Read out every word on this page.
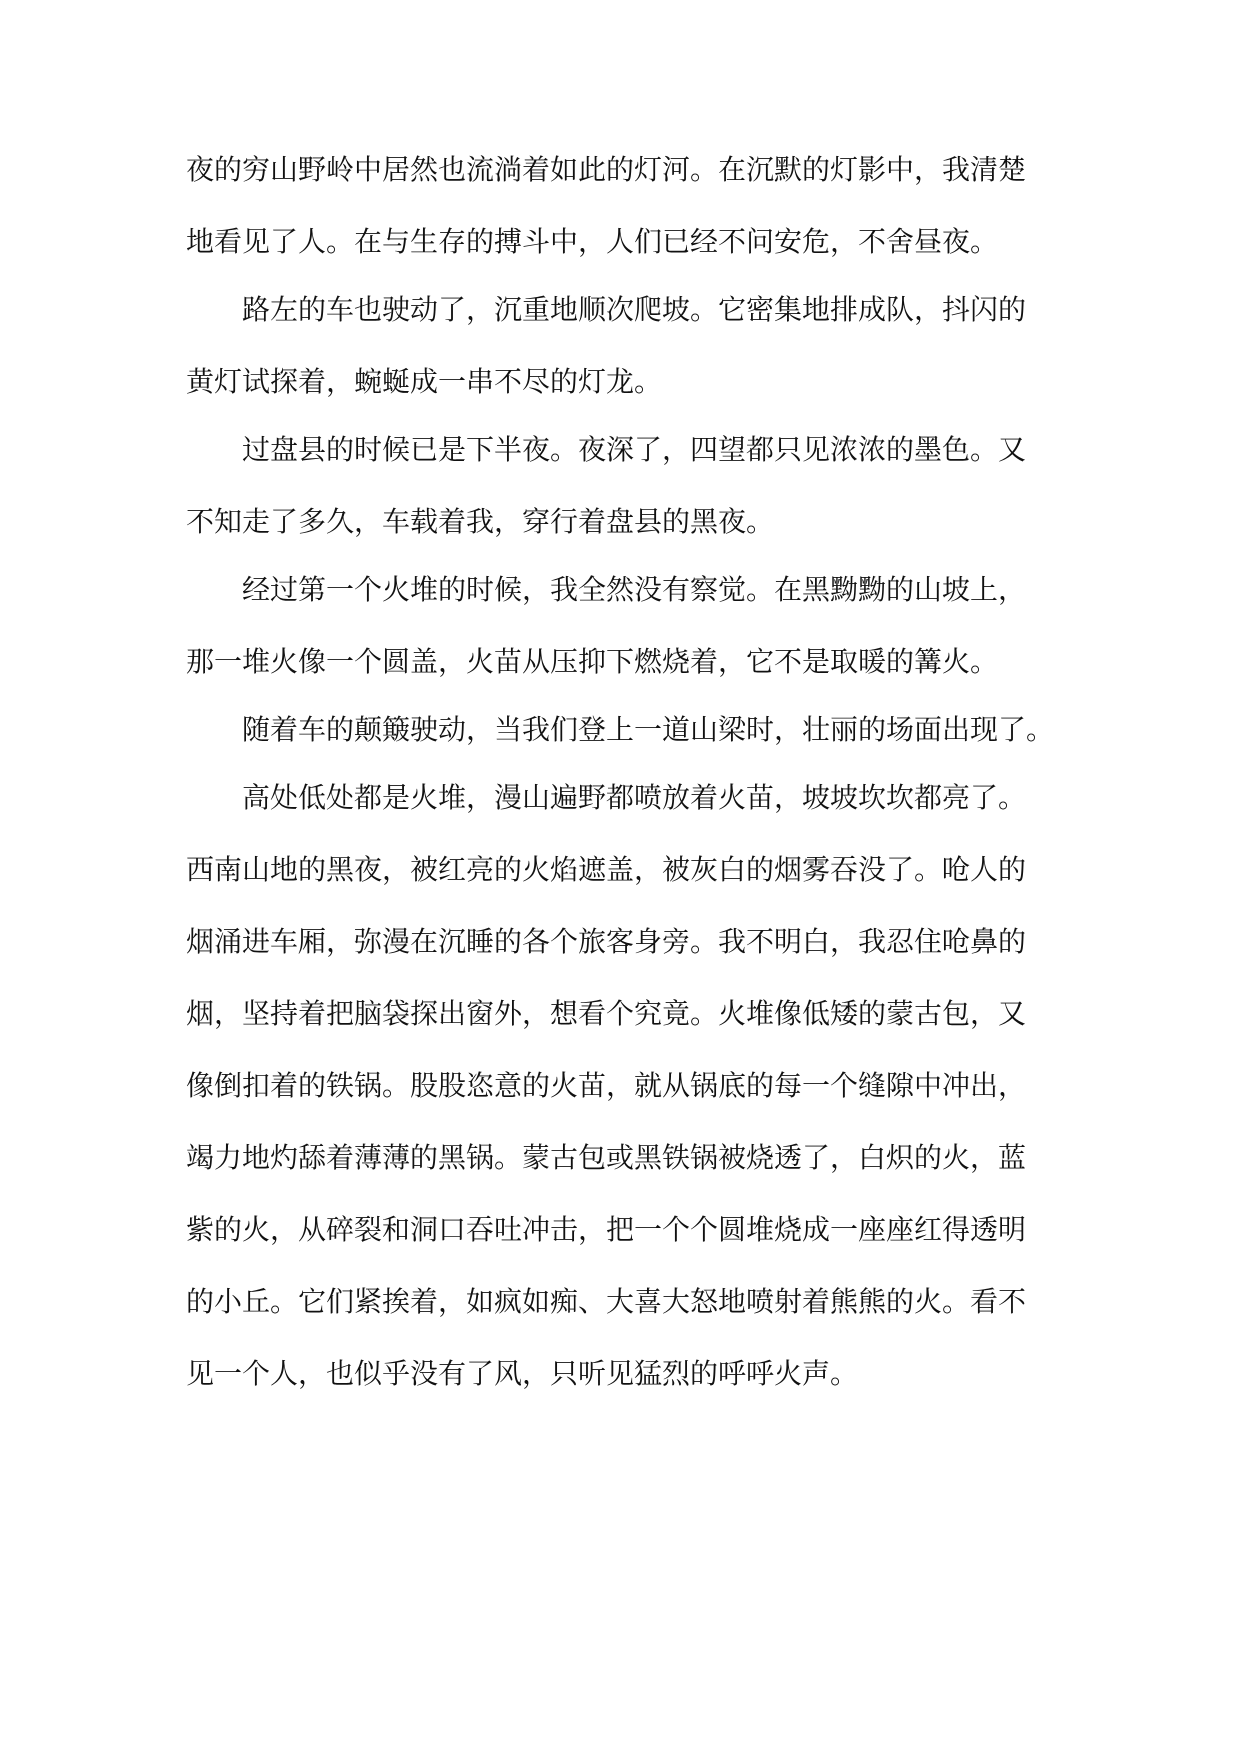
夜的穷山野岭中居然也流淌着如此的灯河。在沉默的灯影中，我清楚
地看见了人。在与生存的搏斗中，人们已经不问安危，不舍昼夜。

路左的车也驶动了，沉重地顺次爬坡。它密集地排成队，抖闪的
黄灯试探着，蜿蜒成一串不尽的灯龙。

过盘县的时候已是下半夜。夜深了，四望都只见浓浓的墨色。又
不知走了多久，车载着我，穿行着盘县的黑夜。

经过第一个火堆的时候，我全然没有察觉。在黑黝黝的山坡上，
那一堆火像一个圆盖，火苗从压抑下燃烧着，它不是取暖的篝火。

随着车的颠簸驶动，当我们登上一道山梁时，壮丽的场面出现了。

高处低处都是火堆，漫山遍野都喷放着火苗，坡坡坎坎都亮了。
西南山地的黑夜，被红亮的火焰遮盖，被灰白的烟雾吞没了。呛人的
烟涌进车厢，弥漫在沉睡的各个旅客身旁。我不明白，我忍住呛鼻的
烟，坚持着把脑袋探出窗外，想看个究竟。火堆像低矮的蒙古包，又
像倒扣着的铁锅。股股恣意的火苗，就从锅底的每一个缝隙中冲出，
竭力地灼舔着薄薄的黑锅。蒙古包或黑铁锅被烧透了，白炽的火，蓝
紫的火，从碎裂和洞口吞吐冲击，把一个个圆堆烧成一座座红得透明
的小丘。它们紧挨着，如疯如痴、大喜大怒地喷射着熊熊的火。看不
见一个人，也似乎没有了风，只听见猛烈的呼呼火声。
